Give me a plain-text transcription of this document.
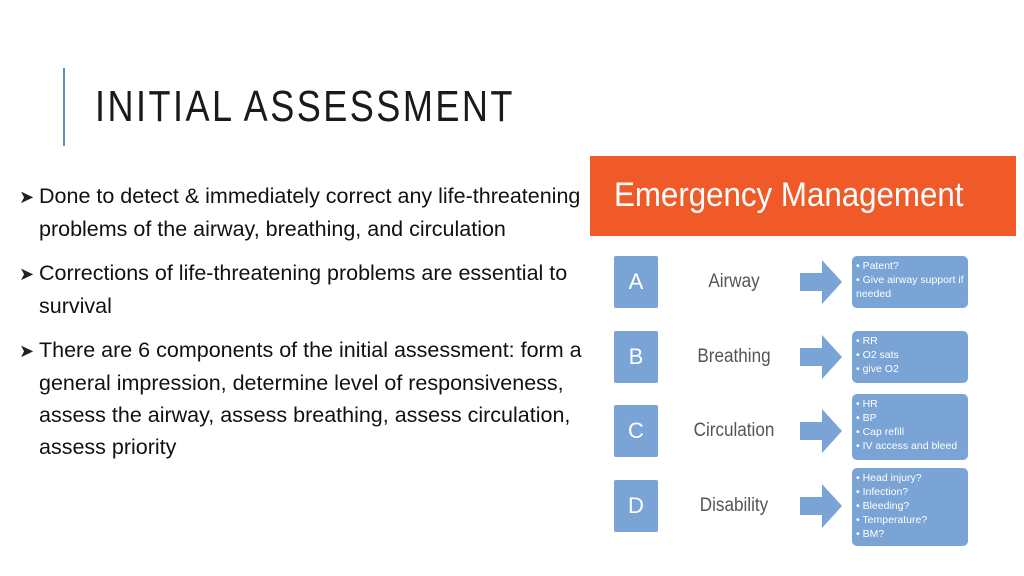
INITIAL ASSESSMENT
➤ Done to detect & immediately correct any life-threatening problems of the airway, breathing, and circulation
➤ Corrections of life-threatening problems are essential to survival
➤ There are 6 components of the initial assessment: form a general impression, determine level of responsiveness, assess the airway, assess breathing, assess circulation, assess priority
Emergency Management
A	Airway
• Patent?
• Give airway support if
needed
B	Breathing
• RR
• O2 sats
• give O2
C	Circulation
• HR
• BP
• Cap refill
• IV access and bleed
D	Disability
• Head injury?
• Infection?
• Bleeding?
• Temperature?
• BM?
